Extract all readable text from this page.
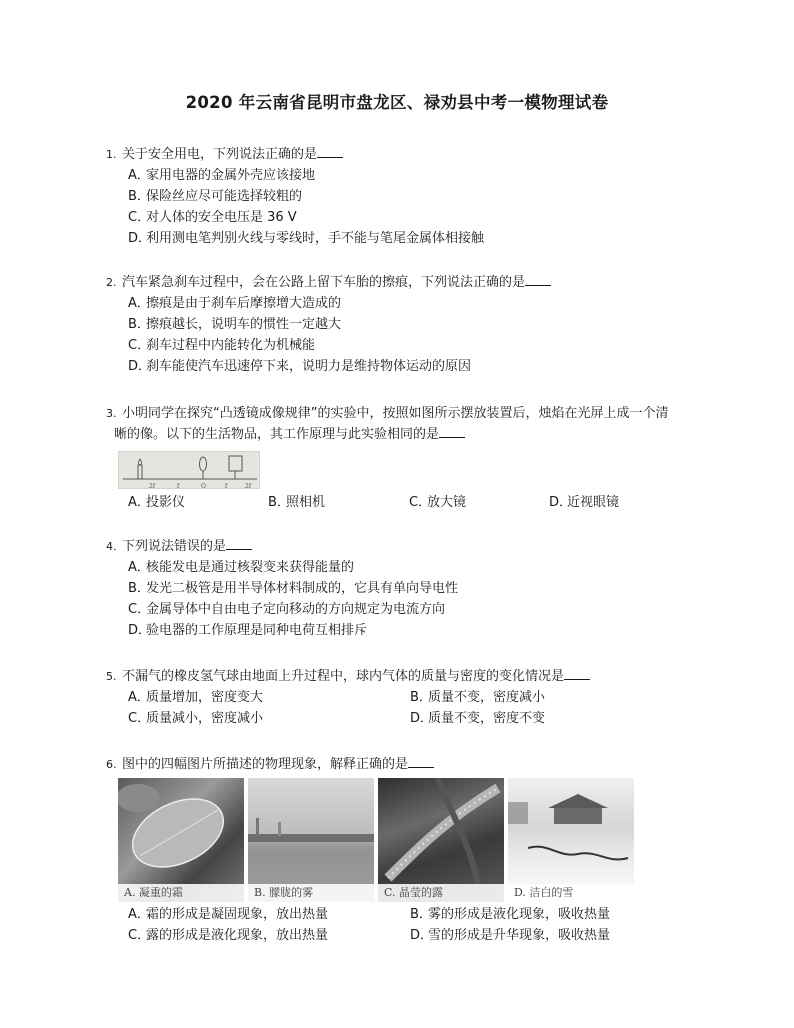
2020 年云南省昆明市盘龙区、禄劝县中考一模物理试卷
1. 关于安全用电，下列说法正确的是
A．家用电器的金属外壳应该接地
B．保险丝应尽可能选择较粗的
C．对人体的安全电压是 36 V
D．利用测电笔判别火线与零线时，手不能与笔尾金属体相接触
2. 汽车紧急刹车过程中，会在公路上留下车胎的擦痕，下列说法正确的是
A．擦痕是由于刹车后摩擦增大造成的
B．擦痕越长，说明车的惯性一定越大
C．刹车过程中内能转化为机械能
D．刹车能使汽车迅速停下来，说明力是维持物体运动的原因
3. 小明同学在探究“凸透镜成像规律”的实验中，按照如图所示摆放装置后，烛焰在光屏上成一个清
晰的像。以下的生活物品，其工作原理与此实验相同的是
2f	f	O	f	2f
A．投影仪	B．照相机	C．放大镜	D．近视眼镜
4. 下列说法错误的是
A．核能发电是通过核裂变来获得能量的
B．发光二极管是用半导体材料制成的，它具有单向导电性
C．金属导体中自由电子定向移动的方向规定为电流方向
D．验电器的工作原理是同种电荷互相排斥
5. 不漏气的橡皮氢气球由地面上升过程中，球内气体的质量与密度的变化情况是
A．质量增加，密度变大	B．质量不变，密度减小
C．质量减小，密度减小	D．质量不变，密度不变
6. 图中的四幅图片所描述的物理现象，解释正确的是
A. 凝重的霜	B. 朦胧的雾	C. 晶莹的露	D. 洁白的雪
A．霜的形成是凝固现象，放出热量	B．雾的形成是液化现象，吸收热量
C．露的形成是液化现象，放出热量	D．雪的形成是升华现象，吸收热量
